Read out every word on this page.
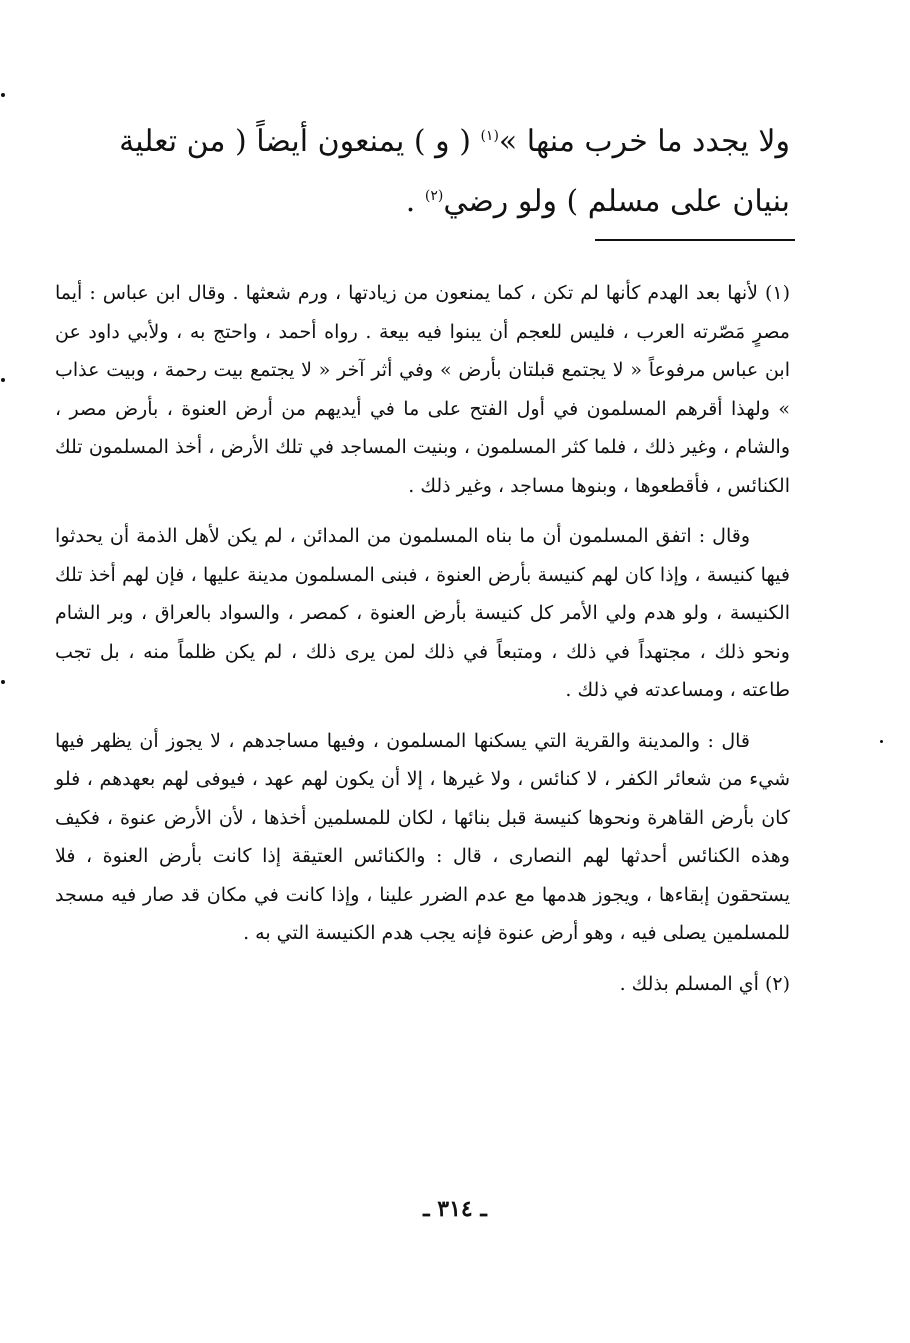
ولا يجدد ما خرب منها »$^{(١)}$ ( و ) يمنعون أيضاً ( من تعلية

بنيان على مسلم ) ولو رضي$^{(٢)}$ .

(١) لأنها بعد الهدم كأنها لم تكن ، كما يمنعون من زيادتها ، ورم شعثها . وقال ابن عباس : أيما مصرٍ مَصّرته العرب ، فليس للعجم أن يبنوا فيه بيعة . رواه أحمد ، واحتج به ، ولأبي داود عن ابن عباس مرفوعاً « لا يجتمع قبلتان بأرض » وفي أثر آخر « لا يجتمع بيت رحمة ، وبيت عذاب » ولهذا أقرهم المسلمون في أول الفتح على ما في أيديهم من أرض العنوة ، بأرض مصر ، والشام ، وغير ذلك ، فلما كثر المسلمون ، وبنيت المساجد في تلك الأرض ، أخذ المسلمون تلك الكنائس ، فأقطعوها ، وبنوها مساجد ، وغير ذلك .

وقال : اتفق المسلمون أن ما بناه المسلمون من المدائن ، لم يكن لأهل الذمة أن يحدثوا فيها كنيسة ، وإذا كان لهم كنيسة بأرض العنوة ، فبنى المسلمون مدينة عليها ، فإن لهم أخذ تلك الكنيسة ، ولو هدم ولي الأمر كل كنيسة بأرض العنوة ، كمصر ، والسواد بالعراق ، وبر الشام ونحو ذلك ، مجتهداً في ذلك ، ومتبعاً في ذلك لمن يرى ذلك ، لم يكن ظلماً منه ، بل تجب طاعته ، ومساعدته في ذلك .

قال : والمدينة والقرية التي يسكنها المسلمون ، وفيها مساجدهم ، لا يجوز أن يظهر فيها شيء من شعائر الكفر ، لا كنائس ، ولا غيرها ، إلا أن يكون لهم عهد ، فيوفى لهم بعهدهم ، فلو كان بأرض القاهرة ونحوها كنيسة قبل بنائها ، لكان للمسلمين أخذها ، لأن الأرض عنوة ، فكيف وهذه الكنائس أحدثها لهم النصارى ، قال : والكنائس العتيقة إذا كانت بأرض العنوة ، فلا يستحقون إبقاءها ، ويجوز هدمها مع عدم الضرر علينا ، وإذا كانت في مكان قد صار فيه مسجد للمسلمين يصلى فيه ، وهو أرض عنوة فإنه يجب هدم الكنيسة التي به .

(٢) أي المسلم بذلك .

ـ ٣١٤ ـ
